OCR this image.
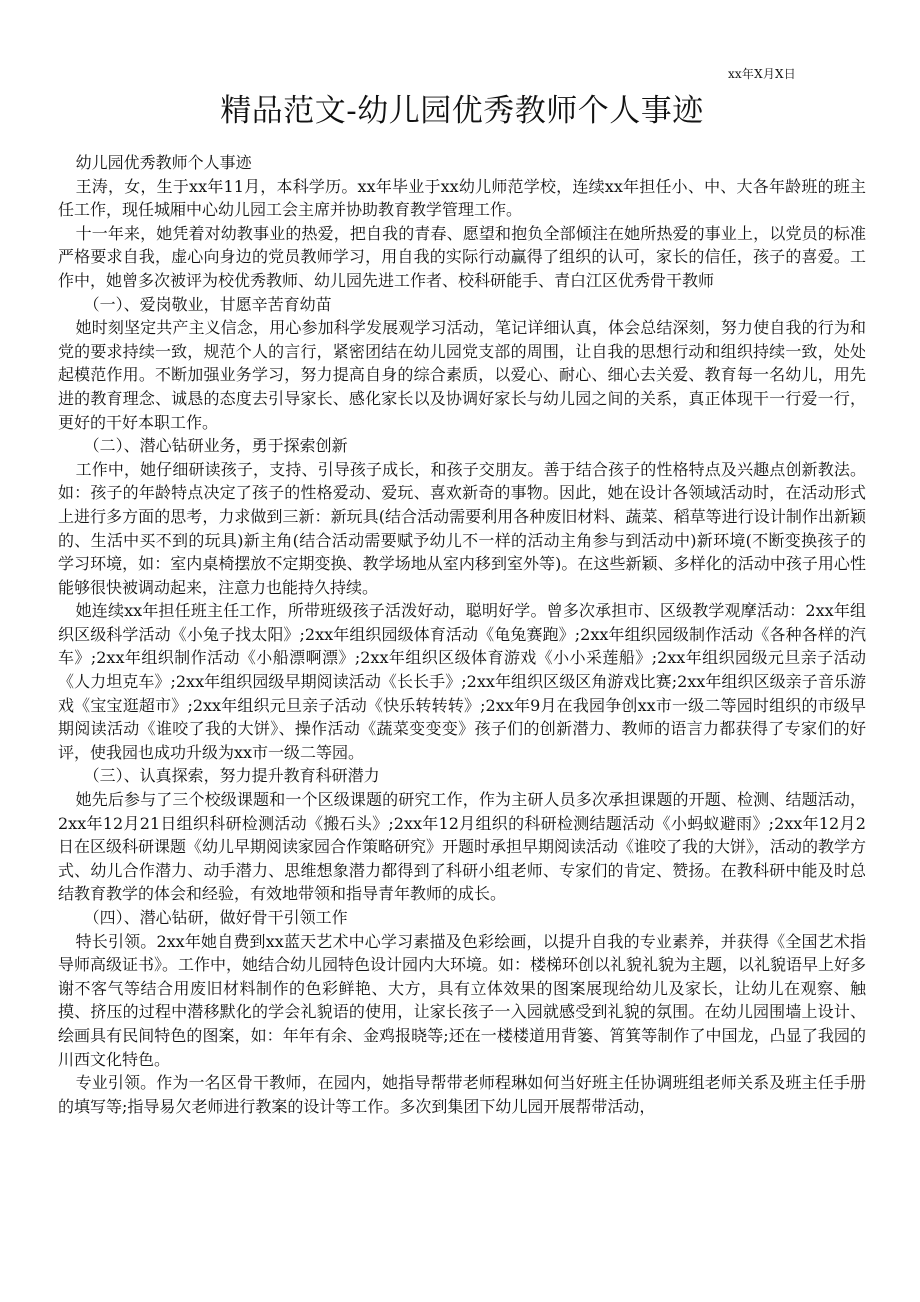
xx年X月X日
精品范文-幼儿园优秀教师个人事迹

幼儿园优秀教师个人事迹

王涛，女，生于xx年11月，本科学历。xx年毕业于xx幼儿师范学校，连续xx年担任小、中、大各年龄班的班主任工作，现任城厢中心幼儿园工会主席并协助教育教学管理工作。

十一年来，她凭着对幼教事业的热爱，把自我的青春、愿望和抱负全部倾注在她所热爱的事业上，以党员的标准严格要求自我，虚心向身边的党员教师学习，用自我的实际行动赢得了组织的认可，家长的信任，孩子的喜爱。工作中，她曾多次被评为校优秀教师、幼儿园先进工作者、校科研能手、青白江区优秀骨干教师

（一）、爱岗敬业，甘愿辛苦育幼苗

她时刻坚定共产主义信念，用心参加科学发展观学习活动，笔记详细认真，体会总结深刻，努力使自我的行为和党的要求持续一致，规范个人的言行，紧密团结在幼儿园党支部的周围，让自我的思想行动和组织持续一致，处处起模范作用。不断加强业务学习，努力提高自身的综合素质，以爱心、耐心、细心去关爱、教育每一名幼儿，用先进的教育理念、诚恳的态度去引导家长、感化家长以及协调好家长与幼儿园之间的关系，真正体现干一行爱一行，更好的干好本职工作。

（二）、潜心钻研业务，勇于探索创新

工作中，她仔细研读孩子，支持、引导孩子成长，和孩子交朋友。善于结合孩子的性格特点及兴趣点创新教法。如：孩子的年龄特点决定了孩子的性格爱动、爱玩、喜欢新奇的事物。因此，她在设计各领域活动时，在活动形式上进行多方面的思考，力求做到三新：新玩具(结合活动需要利用各种废旧材料、蔬菜、稻草等进行设计制作出新颖的、生活中买不到的玩具)新主角(结合活动需要赋予幼儿不一样的活动主角参与到活动中)新环境(不断变换孩子的学习环境，如：室内桌椅摆放不定期变换、教学场地从室内移到室外等)。在这些新颖、多样化的活动中孩子用心性能够很快被调动起来，注意力也能持久持续。

她连续xx年担任班主任工作，所带班级孩子活泼好动，聪明好学。曾多次承担市、区级教学观摩活动：2xx年组织区级科学活动《小兔子找太阳》;2xx年组织园级体育活动《龟兔赛跑》;2xx年组织园级制作活动《各种各样的汽车》;2xx年组织制作活动《小船漂啊漂》;2xx年组织区级体育游戏《小小采莲船》;2xx年组织园级元旦亲子活动《人力坦克车》;2xx年组织园级早期阅读活动《长长手》;2xx年组织区级区角游戏比赛;2xx年组织区级亲子音乐游戏《宝宝逛超市》;2xx年组织元旦亲子活动《快乐转转转》;2xx年9月在我园争创xx市一级二等园时组织的市级早期阅读活动《谁咬了我的大饼》、操作活动《蔬菜变变变》孩子们的创新潜力、教师的语言力都获得了专家们的好评，使我园也成功升级为xx市一级二等园。

（三）、认真探索，努力提升教育科研潜力

她先后参与了三个校级课题和一个区级课题的研究工作，作为主研人员多次承担课题的开题、检测、结题活动，2xx年12月21日组织科研检测活动《搬石头》;2xx年12月组织的科研检测结题活动《小蚂蚁避雨》;2xx年12月2日在区级科研课题《幼儿早期阅读家园合作策略研究》开题时承担早期阅读活动《谁咬了我的大饼》，活动的教学方式、幼儿合作潜力、动手潜力、思维想象潜力都得到了科研小组老师、专家们的肯定、赞扬。在教科研中能及时总结教育教学的体会和经验，有效地带领和指导青年教师的成长。

（四）、潜心钻研，做好骨干引领工作

特长引领。2xx年她自费到xx蓝天艺术中心学习素描及色彩绘画，以提升自我的专业素养，并获得《全国艺术指导师高级证书》。工作中，她结合幼儿园特色设计园内大环境。如：楼梯环创以礼貌礼貌为主题，以礼貌语早上好多谢不客气等结合用废旧材料制作的色彩鲜艳、大方，具有立体效果的图案展现给幼儿及家长，让幼儿在观察、触摸、挤压的过程中潜移默化的学会礼貌语的使用，让家长孩子一入园就感受到礼貌的氛围。在幼儿园围墙上设计、绘画具有民间特色的图案，如：年年有余、金鸡报晓等;还在一楼楼道用背篓、筲箕等制作了中国龙，凸显了我园的川西文化特色。

专业引领。作为一名区骨干教师，在园内，她指导帮带老师程琳如何当好班主任协调班组老师关系及班主任手册的填写等;指导易欠老师进行教案的设计等工作。多次到集团下幼儿园开展帮带活动，
